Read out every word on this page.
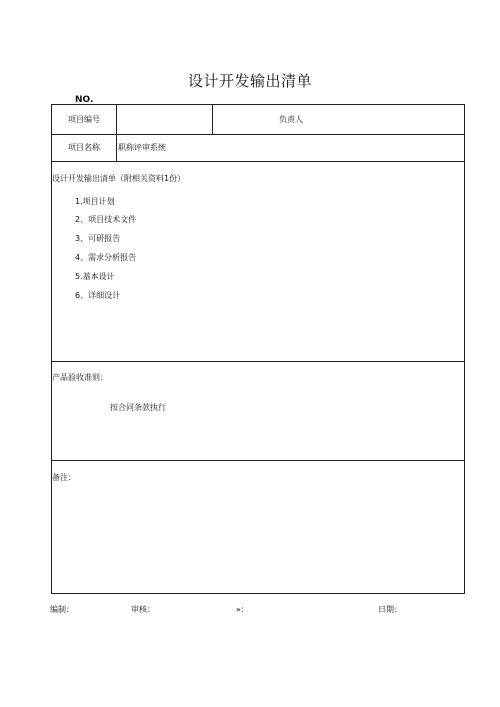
设计开发输出清单
NO.
项目编号	负责人
项目名称 职称评审系统
设计开发输出清单（附相关资料1份）
1.项目计划
2、项目技术文件
3、可研报告
4、需求分析报告
5.基本设计
6、详细设计
产品验收准则：
按合同条款执行
备注：
编制：	审核：	»：	日期：
